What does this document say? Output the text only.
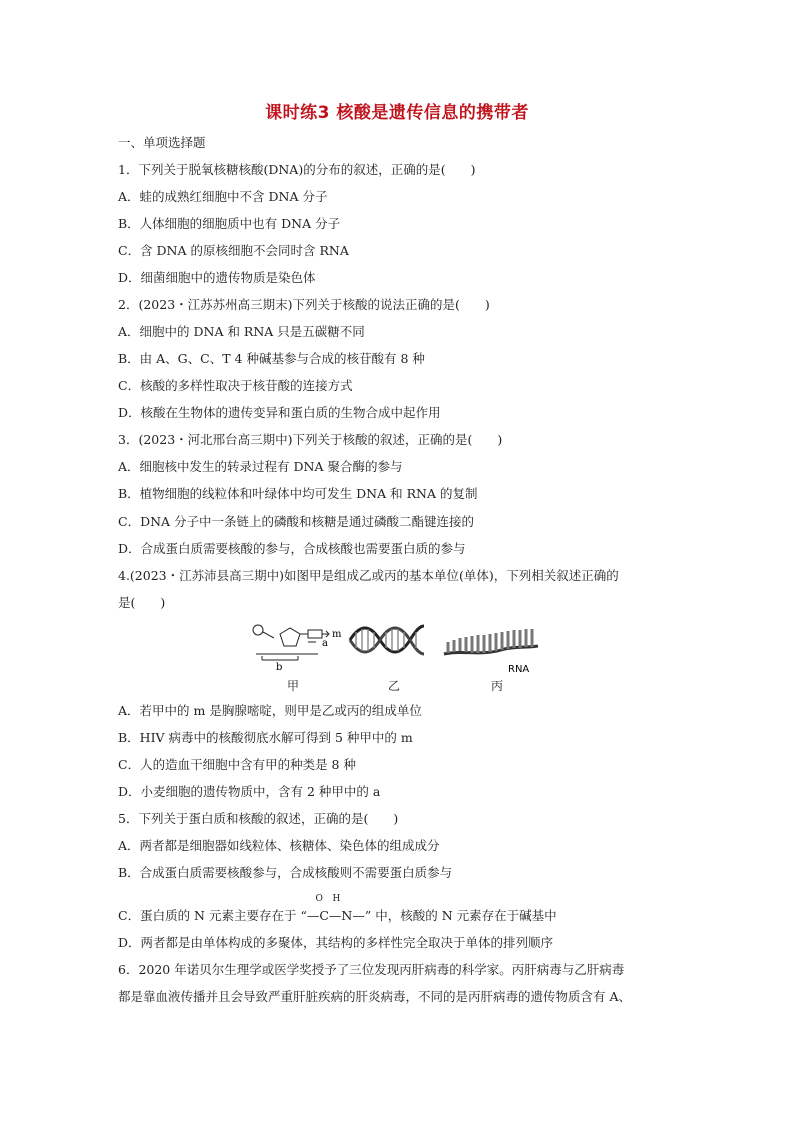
课时练3 核酸是遗传信息的携带者
一、单项选择题
1．下列关于脱氧核糖核酸(DNA)的分布的叙述，正确的是(　　)
A．蛙的成熟红细胞中不含 DNA 分子
B．人体细胞的细胞质中也有 DNA 分子
C．含 DNA 的原核细胞不会同时含 RNA
D．细菌细胞中的遗传物质是染色体
2．(2023・江苏苏州高三期末)下列关于核酸的说法正确的是(　　)
A．细胞中的 DNA 和 RNA 只是五碳糖不同
B．由 A、G、C、T 4 种碱基参与合成的核苷酸有 8 种
C．核酸的多样性取决于核苷酸的连接方式
D．核酸在生物体的遗传变异和蛋白质的生物合成中起作用
3．(2023・河北邢台高三期中)下列关于核酸的叙述，正确的是(　　)
A．细胞核中发生的转录过程有 DNA 聚合酶的参与
B．植物细胞的线粒体和叶绿体中均可发生 DNA 和 RNA 的复制
C．DNA 分子中一条链上的磷酸和核糖是通过磷酸二酯键连接的
D．合成蛋白质需要核酸的参与，合成核酸也需要蛋白质的参与
4.(2023・江苏沛县高三期中)如图甲是组成乙或丙的基本单位(单体)，下列相关叙述正确的
是(　　)
m
a
b	RNA
甲	乙	丙
A．若甲中的 m 是胸腺嘧啶，则甲是乙或丙的组成单位
B．HIV 病毒中的核酸彻底水解可得到 5 种甲中的 m
C．人的造血干细胞中含有甲的种类是 8 种
D．小麦细胞的遗传物质中，含有 2 种甲中的 a
5．下列关于蛋白质和核酸的叙述，正确的是(　　)
A．两者都是细胞器如线粒体、核糖体、染色体的组成成分
B．合成蛋白质需要核酸参与，合成核酸则不需要蛋白质参与
C．蛋白质的 N 元素主要存在于
O H
“—C—N—” 中，核酸的 N 元素存在于碱基中
D．两者都是由单体构成的多聚体，其结构的多样性完全取决于单体的排列顺序
6．2020 年诺贝尔生理学或医学奖授予了三位发现丙肝病毒的科学家。丙肝病毒与乙肝病毒
都是靠血液传播并且会导致严重肝脏疾病的肝炎病毒，不同的是丙肝病毒的遗传物质含有 A、
